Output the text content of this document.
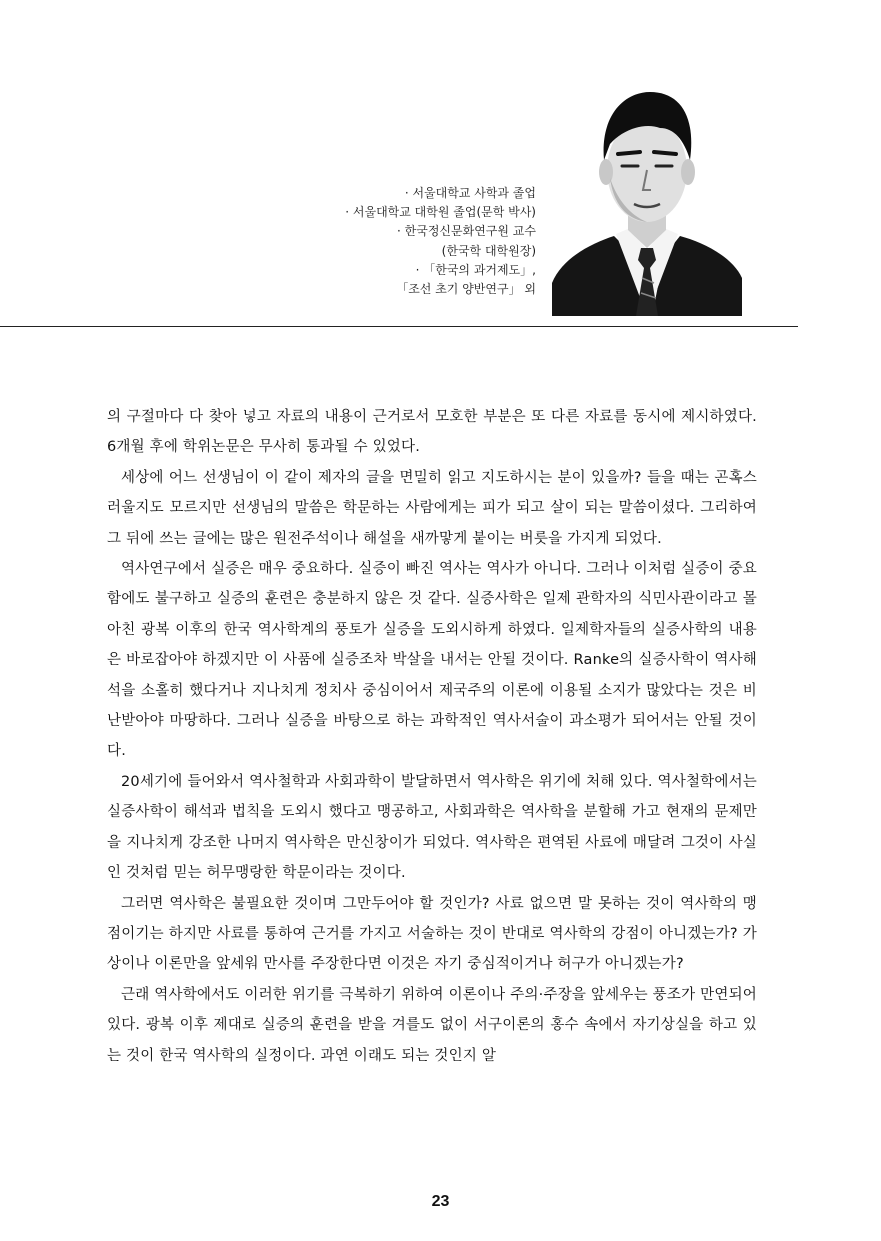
· 서울대학교 사학과 졸업
· 서울대학교 대학원 졸업(문학 박사)
· 한국정신문화연구원 교수
(한국학 대학원장)
· 「한국의 과거제도」,
「조선 초기 양반연구」 외

의 구절마다 다 찾아 넣고 자료의 내용이 근거로서 모호한 부분은 또 다른 자료를 동시에 제시하였다. 6개월 후에 학위논문은 무사히 통과될 수 있었다.

세상에 어느 선생님이 이 같이 제자의 글을 면밀히 읽고 지도하시는 분이 있을까? 들을 때는 곤혹스러울지도 모르지만 선생님의 말씀은 학문하는 사람에게는 피가 되고 살이 되는 말씀이셨다. 그리하여 그 뒤에 쓰는 글에는 많은 원전주석이나 해설을 새까맣게 붙이는 버릇을 가지게 되었다.

역사연구에서 실증은 매우 중요하다. 실증이 빠진 역사는 역사가 아니다. 그러나 이처럼 실증이 중요함에도 불구하고 실증의 훈련은 충분하지 않은 것 같다. 실증사학은 일제 관학자의 식민사관이라고 몰아친 광복 이후의 한국 역사학계의 풍토가 실증을 도외시하게 하였다. 일제학자들의 실증사학의 내용은 바로잡아야 하겠지만 이 사품에 실증조차 박살을 내서는 안될 것이다. Ranke의 실증사학이 역사해석을 소홀히 했다거나 지나치게 정치사 중심이어서 제국주의 이론에 이용될 소지가 많았다는 것은 비난받아야 마땅하다. 그러나 실증을 바탕으로 하는 과학적인 역사서술이 과소평가 되어서는 안될 것이다.

20세기에 들어와서 역사철학과 사회과학이 발달하면서 역사학은 위기에 처해 있다. 역사철학에서는 실증사학이 해석과 법칙을 도외시 했다고 맹공하고, 사회과학은 역사학을 분할해 가고 현재의 문제만을 지나치게 강조한 나머지 역사학은 만신창이가 되었다. 역사학은 편역된 사료에 매달려 그것이 사실인 것처럼 믿는 허무맹랑한 학문이라는 것이다.

그러면 역사학은 불필요한 것이며 그만두어야 할 것인가? 사료 없으면 말 못하는 것이 역사학의 맹점이기는 하지만 사료를 통하여 근거를 가지고 서술하는 것이 반대로 역사학의 강점이 아니겠는가? 가상이나 이론만을 앞세워 만사를 주장한다면 이것은 자기 중심적이거나 허구가 아니겠는가?

근래 역사학에서도 이러한 위기를 극복하기 위하여 이론이나 주의·주장을 앞세우는 풍조가 만연되어 있다. 광복 이후 제대로 실증의 훈련을 받을 겨를도 없이 서구이론의 홍수 속에서 자기상실을 하고 있는 것이 한국 역사학의 실정이다. 과연 이래도 되는 것인지 알

23
